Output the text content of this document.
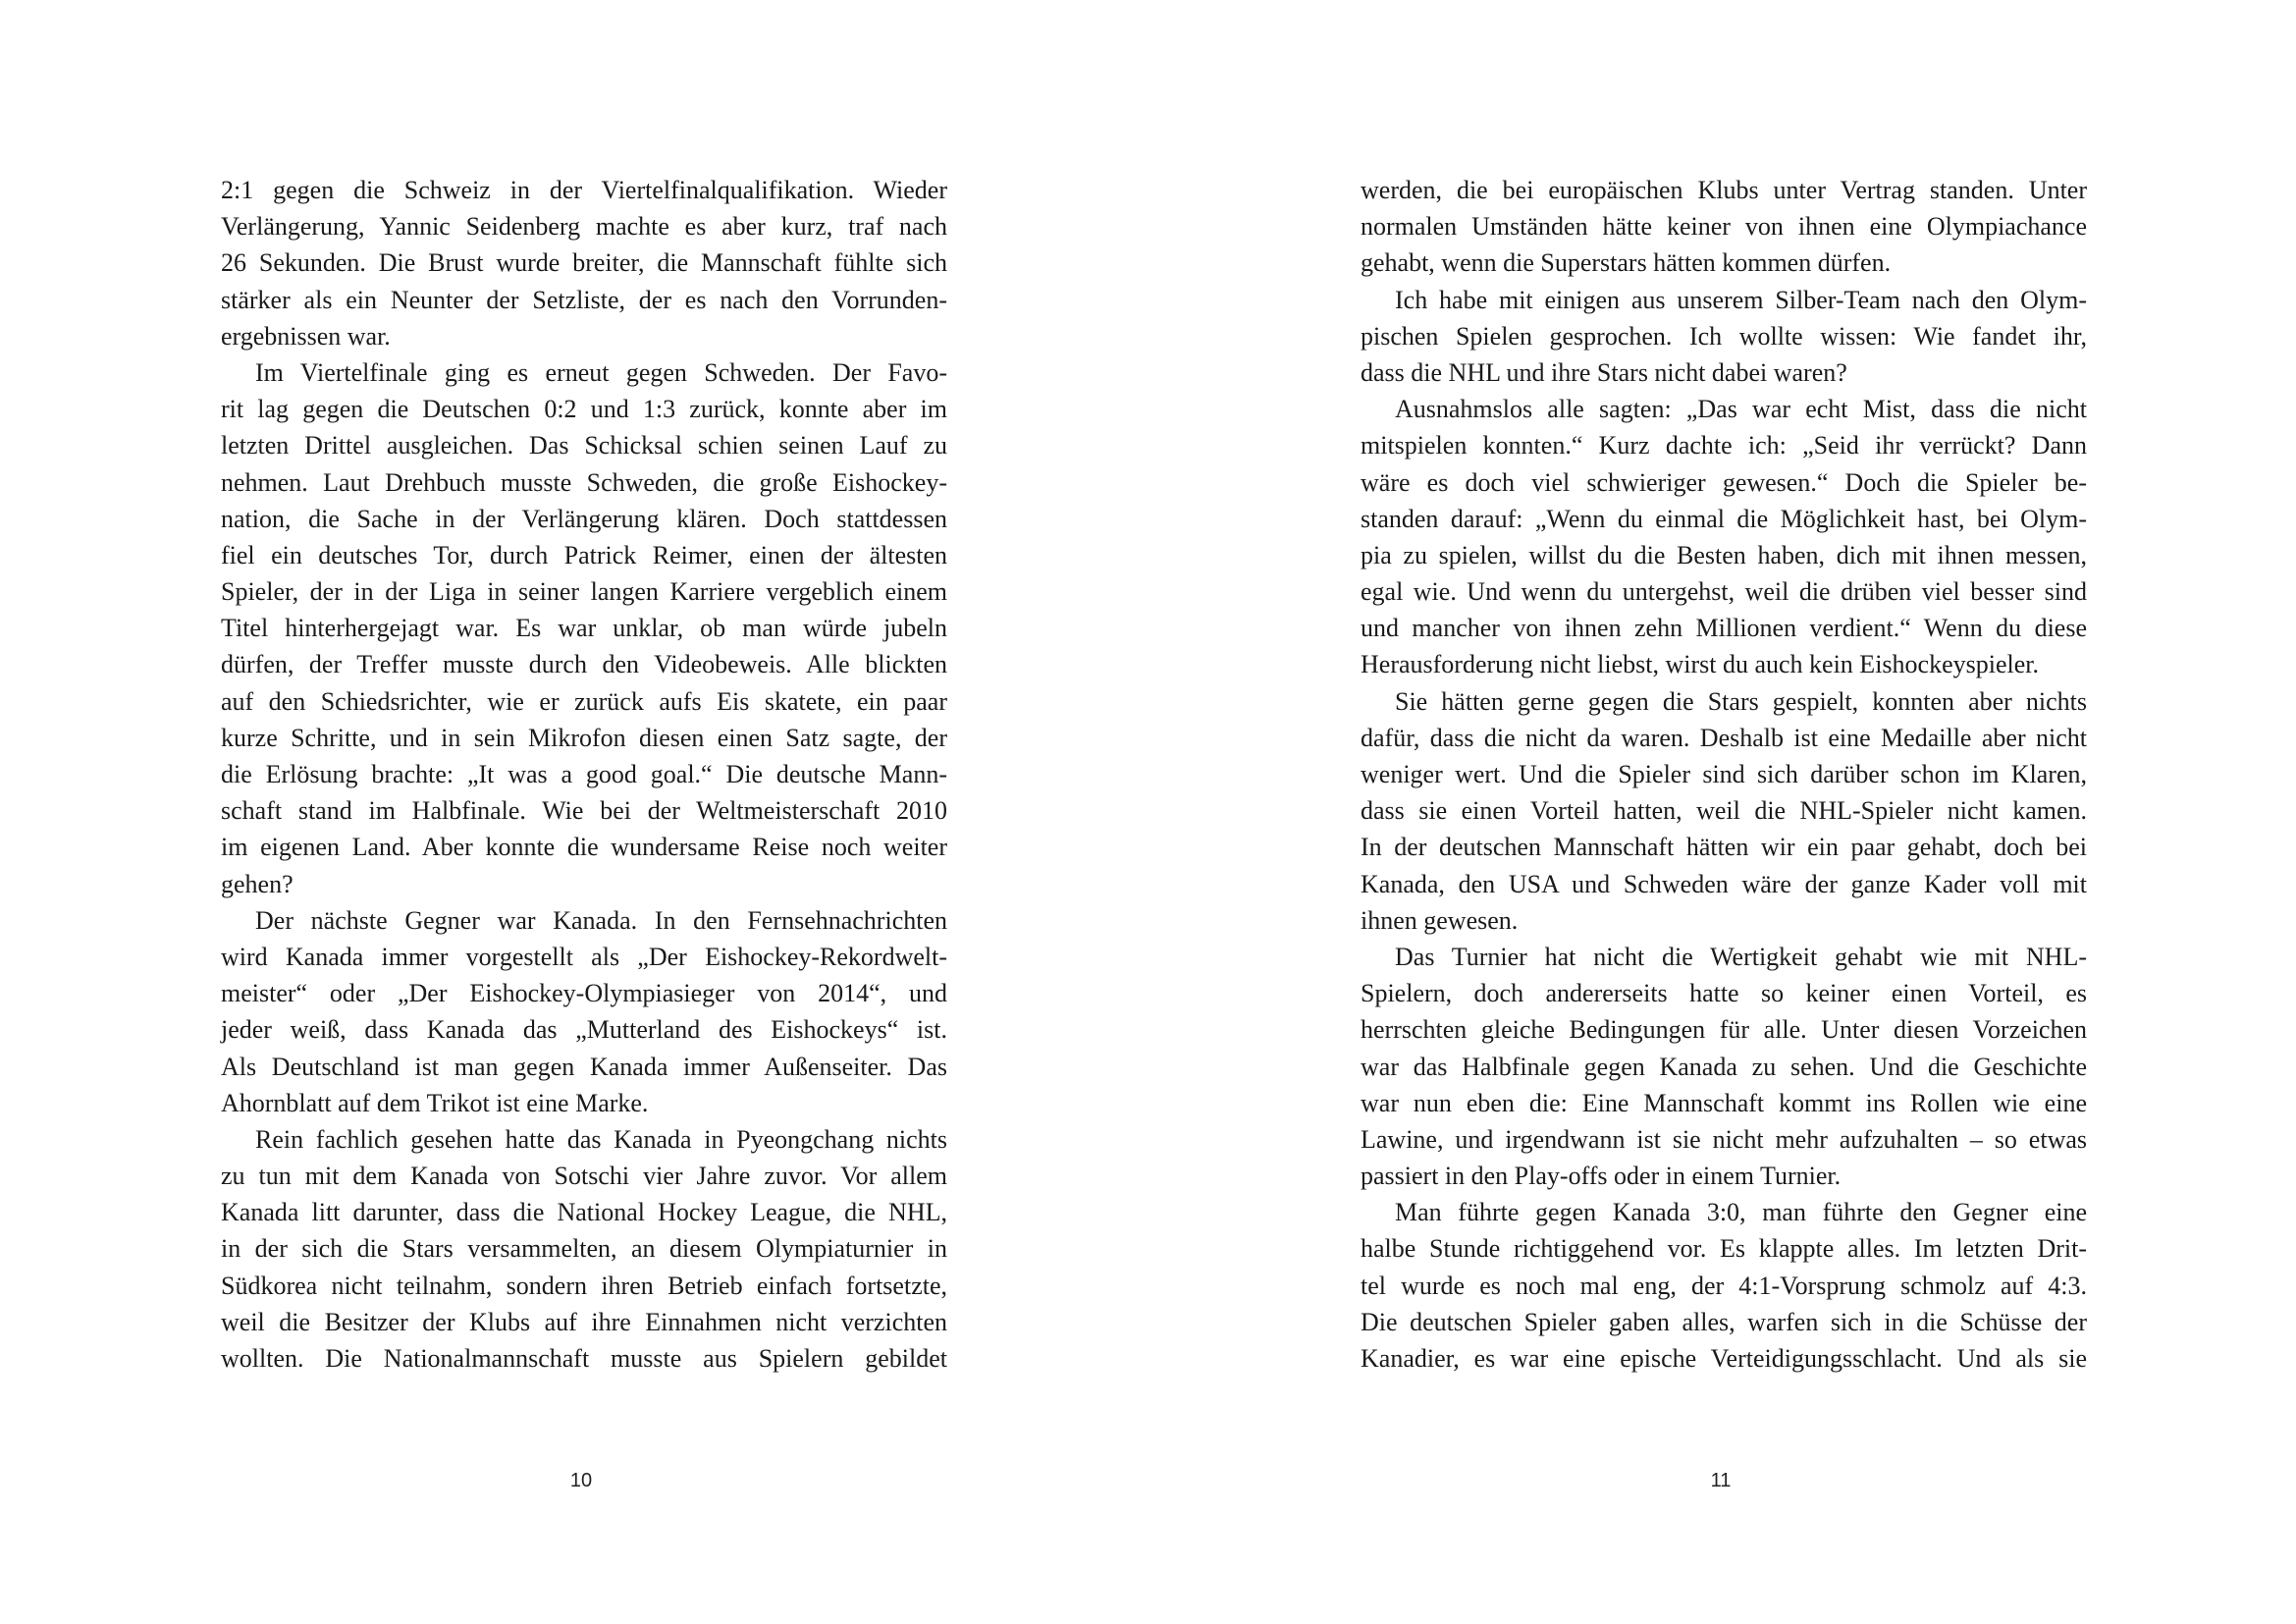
2:1 gegen die Schweiz in der Viertelfinalqualifikation. Wieder
Verlängerung, Yannic Seidenberg machte es aber kurz, traf nach
26 Sekunden. Die Brust wurde breiter, die Mannschaft fühlte sich
stärker als ein Neunter der Setzliste, der es nach den Vorrunden-
ergebnissen war.
Im Viertelfinale ging es erneut gegen Schweden. Der Favo-
rit lag gegen die Deutschen 0:2 und 1:3 zurück, konnte aber im
letzten Drittel ausgleichen. Das Schicksal schien seinen Lauf zu
nehmen. Laut Drehbuch musste Schweden, die große Eishockey-
nation, die Sache in der Verlängerung klären. Doch stattdessen
fiel ein deutsches Tor, durch Patrick Reimer, einen der ältesten
Spieler, der in der Liga in seiner langen Karriere vergeblich einem
Titel hinterhergejagt war. Es war unklar, ob man würde jubeln
dürfen, der Treffer musste durch den Videobeweis. Alle blickten
auf den Schiedsrichter, wie er zurück aufs Eis skatete, ein paar
kurze Schritte, und in sein Mikrofon diesen einen Satz sagte, der
die Erlösung brachte: „It was a good goal.“ Die deutsche Mann-
schaft stand im Halbfinale. Wie bei der Weltmeisterschaft 2010
im eigenen Land. Aber konnte die wundersame Reise noch weiter
gehen?
Der nächste Gegner war Kanada. In den Fernsehnachrichten
wird Kanada immer vorgestellt als „Der Eishockey-Rekordwelt-
meister“ oder „Der Eishockey-Olympiasieger von 2014“, und
jeder weiß, dass Kanada das „Mutterland des Eishockeys“ ist.
Als Deutschland ist man gegen Kanada immer Außenseiter. Das
Ahornblatt auf dem Trikot ist eine Marke.
Rein fachlich gesehen hatte das Kanada in Pyeongchang nichts
zu tun mit dem Kanada von Sotschi vier Jahre zuvor. Vor allem
Kanada litt darunter, dass die National Hockey League, die NHL,
in der sich die Stars versammelten, an diesem Olympiaturnier in
Südkorea nicht teilnahm, sondern ihren Betrieb einfach fortsetzte,
weil die Besitzer der Klubs auf ihre Einnahmen nicht verzichten
wollten. Die Nationalmannschaft musste aus Spielern gebildet
werden, die bei europäischen Klubs unter Vertrag standen. Unter
normalen Umständen hätte keiner von ihnen eine Olympiachance
gehabt, wenn die Superstars hätten kommen dürfen.
Ich habe mit einigen aus unserem Silber-Team nach den Olym-
pischen Spielen gesprochen. Ich wollte wissen: Wie fandet ihr,
dass die NHL und ihre Stars nicht dabei waren?
Ausnahmslos alle sagten: „Das war echt Mist, dass die nicht
mitspielen konnten.“ Kurz dachte ich: „Seid ihr verrückt? Dann
wäre es doch viel schwieriger gewesen.“ Doch die Spieler be-
standen darauf: „Wenn du einmal die Möglichkeit hast, bei Olym-
pia zu spielen, willst du die Besten haben, dich mit ihnen messen,
egal wie. Und wenn du untergehst, weil die drüben viel besser sind
und mancher von ihnen zehn Millionen verdient.“ Wenn du diese
Herausforderung nicht liebst, wirst du auch kein Eishockeyspieler.
Sie hätten gerne gegen die Stars gespielt, konnten aber nichts
dafür, dass die nicht da waren. Deshalb ist eine Medaille aber nicht
weniger wert. Und die Spieler sind sich darüber schon im Klaren,
dass sie einen Vorteil hatten, weil die NHL-Spieler nicht kamen.
In der deutschen Mannschaft hätten wir ein paar gehabt, doch bei
Kanada, den USA und Schweden wäre der ganze Kader voll mit
ihnen gewesen.
Das Turnier hat nicht die Wertigkeit gehabt wie mit NHL-
Spielern, doch andererseits hatte so keiner einen Vorteil, es
herrschten gleiche Bedingungen für alle. Unter diesen Vorzeichen
war das Halbfinale gegen Kanada zu sehen. Und die Geschichte
war nun eben die: Eine Mannschaft kommt ins Rollen wie eine
Lawine, und irgendwann ist sie nicht mehr aufzuhalten – so etwas
passiert in den Play-offs oder in einem Turnier.
Man führte gegen Kanada 3:0, man führte den Gegner eine
halbe Stunde richtiggehend vor. Es klappte alles. Im letzten Drit-
tel wurde es noch mal eng, der 4:1-Vorsprung schmolz auf 4:3.
Die deutschen Spieler gaben alles, warfen sich in die Schüsse der
Kanadier, es war eine epische Verteidigungsschlacht. Und als sie
10	11
